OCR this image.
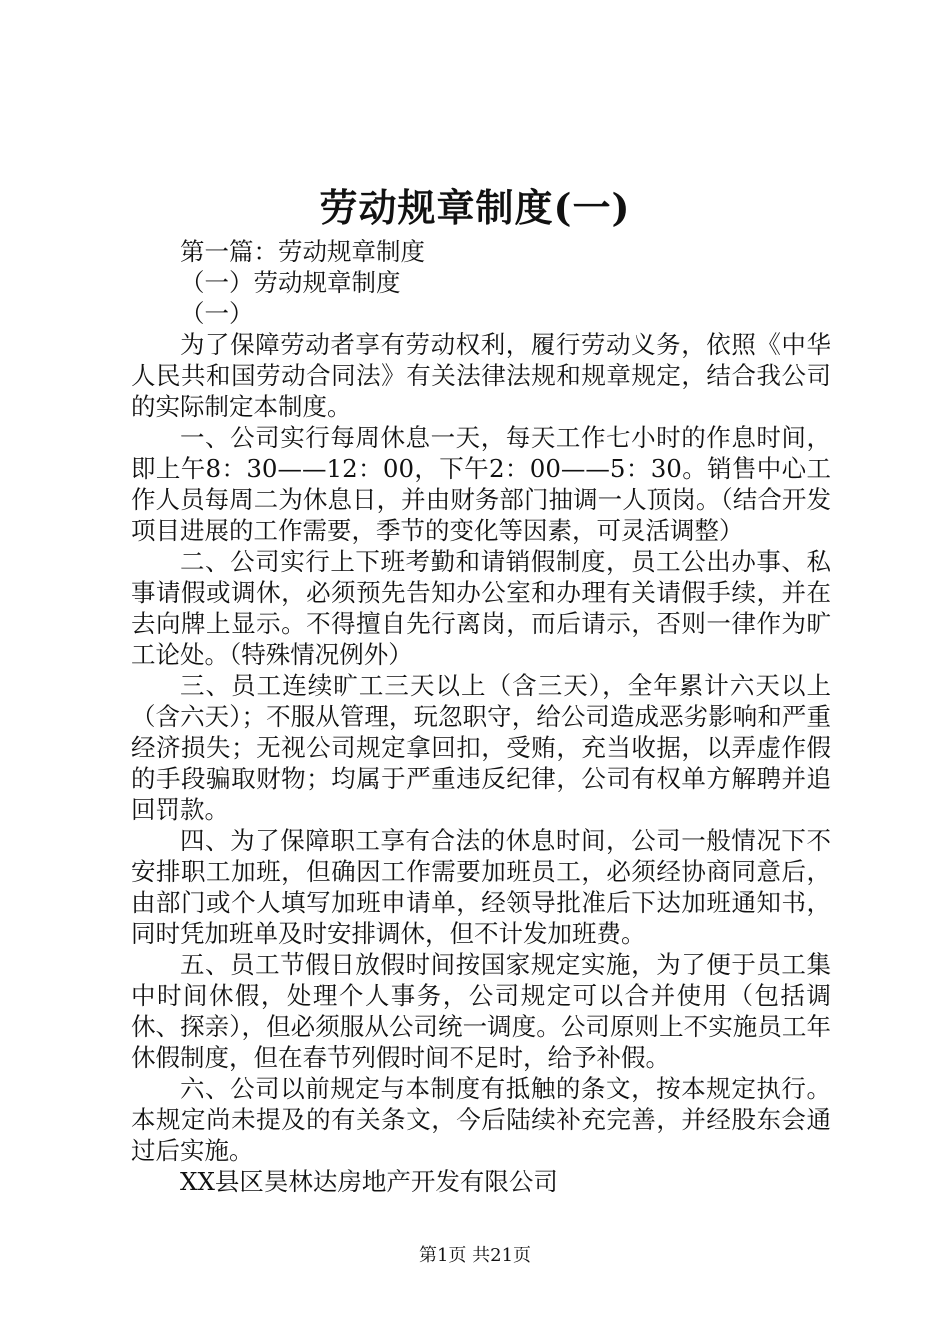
劳动规章制度(一)

第一篇：劳动规章制度

（一）劳动规章制度

（一）

为了保障劳动者享有劳动权利，履行劳动义务，依照《中华人民共和国劳动合同法》有关法律法规和规章规定，结合我公司的实际制定本制度。

一、公司实行每周休息一天，每天工作七小时的作息时间，即上午8：30——12：00，下午2：00——5：30。销售中心工作人员每周二为休息日，并由财务部门抽调一人顶岗。（结合开发项目进展的工作需要，季节的变化等因素，可灵活调整）

二、公司实行上下班考勤和请销假制度，员工公出办事、私事请假或调休，必须预先告知办公室和办理有关请假手续，并在去向牌上显示。不得擅自先行离岗，而后请示，否则一律作为旷工论处。（特殊情况例外）

三、员工连续旷工三天以上（含三天），全年累计六天以上（含六天）；不服从管理，玩忽职守，给公司造成恶劣影响和严重经济损失；无视公司规定拿回扣，受贿，充当收据，以弄虚作假的手段骗取财物；均属于严重违反纪律，公司有权单方解聘并追回罚款。

四、为了保障职工享有合法的休息时间，公司一般情况下不安排职工加班，但确因工作需要加班员工，必须经协商同意后，由部门或个人填写加班申请单，经领导批准后下达加班通知书，同时凭加班单及时安排调休，但不计发加班费。

五、员工节假日放假时间按国家规定实施，为了便于员工集中时间休假，处理个人事务，公司规定可以合并使用（包括调休、探亲），但必须服从公司统一调度。公司原则上不实施员工年休假制度，但在春节列假时间不足时，给予补假。

六、公司以前规定与本制度有抵触的条文，按本规定执行。本规定尚未提及的有关条文，今后陆续补充完善，并经股东会通过后实施。

XX县区昊林达房地产开发有限公司

第1页 共21页
